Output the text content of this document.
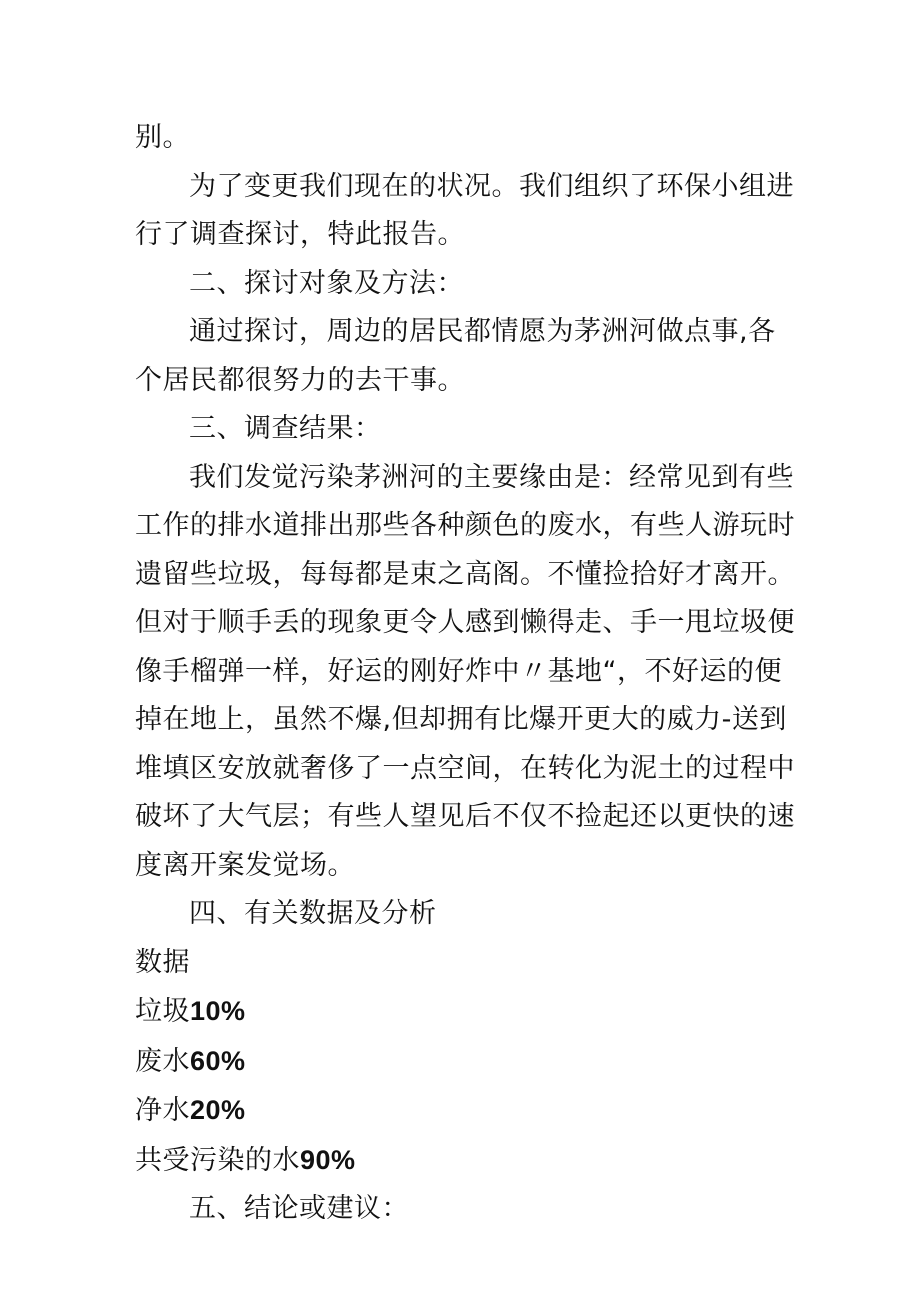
别。

为了变更我们现在的状况。我们组织了环保小组进行了调查探讨，特此报告。

二、探讨对象及方法：

通过探讨，周边的居民都情愿为茅洲河做点事,各个居民都很努力的去干事。

三、调查结果：

我们发觉污染茅洲河的主要缘由是：经常见到有些工作的排水道排出那些各种颜色的废水，有些人游玩时遗留些垃圾，每每都是束之高阁。不懂捡拾好才离开。但对于顺手丢的现象更令人感到懒得走、手一甩垃圾便像手榴弹一样，好运的刚好炸中〃基地“，不好运的便掉在地上，虽然不爆,但却拥有比爆开更大的威力-送到堆填区安放就奢侈了一点空间，在转化为泥土的过程中破坏了大气层；有些人望见后不仅不捡起还以更快的速度离开案发觉场。

四、有关数据及分析

数据

垃圾10%

废水60%

净水20%

共受污染的水90%

五、结论或建议：
